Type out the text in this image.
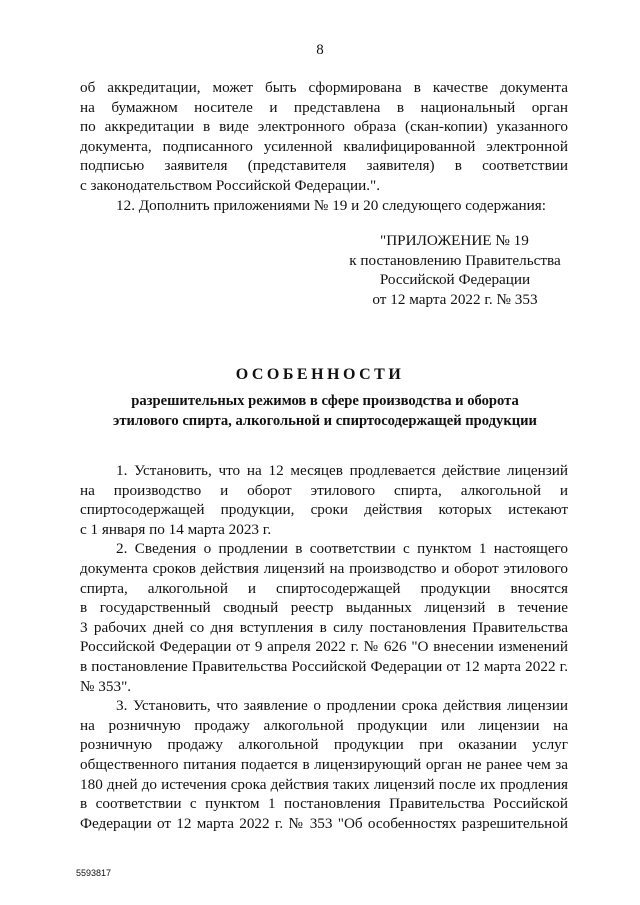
8
об аккредитации, может быть сформирована в качестве документа
на бумажном носителе и представлена в национальный орган
по аккредитации в виде электронного образа (скан-копии) указанного
документа, подписанного усиленной квалифицированной электронной
подписью заявителя (представителя заявителя) в соответствии
с законодательством Российской Федерации.".
12. Дополнить приложениями № 19 и 20 следующего содержания:
"ПРИЛОЖЕНИЕ № 19
к постановлению Правительства
Российской Федерации
от 12 марта 2022 г. № 353
ОСОБЕННОСТИ
разрешительных режимов в сфере производства и оборота
этилового спирта, алкогольной и спиртосодержащей продукции
1. Установить, что на 12 месяцев продлевается действие лицензий
на производство и оборот этилового спирта, алкогольной и
спиртосодержащей продукции, сроки действия которых истекают
с 1 января по 14 марта 2023 г.
2. Сведения о продлении в соответствии с пунктом 1 настоящего
документа сроков действия лицензий на производство и оборот этилового
спирта, алкогольной и спиртосодержащей продукции вносятся
в государственный сводный реестр выданных лицензий в течение
3 рабочих дней со дня вступления в силу постановления Правительства
Российской Федерации от 9 апреля 2022 г. № 626 "О внесении изменений
в постановление Правительства Российской Федерации от 12 марта 2022 г.
№ 353".
3. Установить, что заявление о продлении срока действия лицензии
на розничную продажу алкогольной продукции или лицензии на
розничную продажу алкогольной продукции при оказании услуг
общественного питания подается в лицензирующий орган не ранее чем за
180 дней до истечения срока действия таких лицензий после их продления
в соответствии с пунктом 1 постановления Правительства Российской
Федерации от 12 марта 2022 г. № 353 "Об особенностях разрешительной
5593817
